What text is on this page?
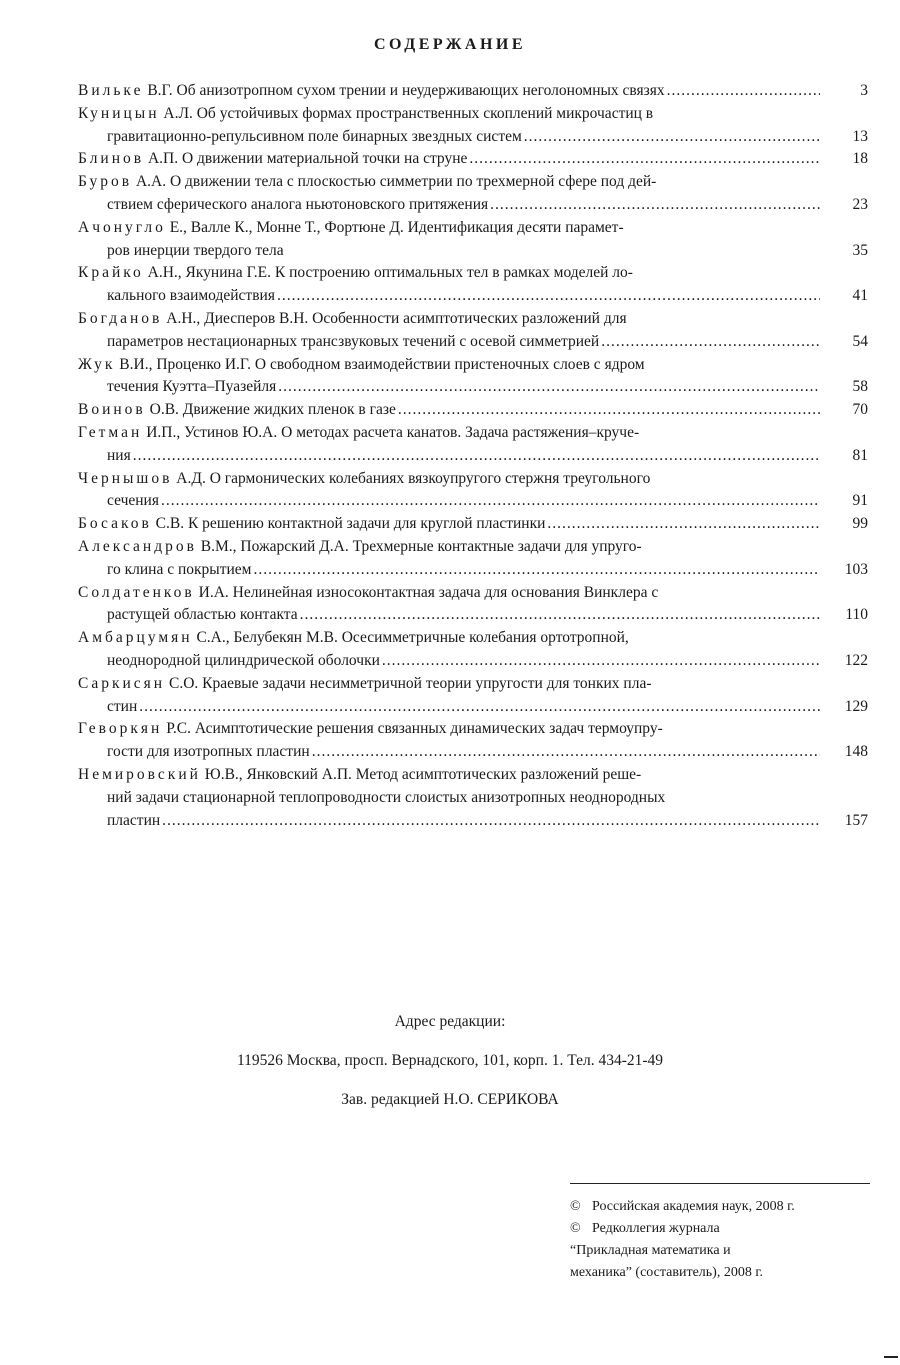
СОДЕРЖАНИЕ
Вильке В.Г. Об анизотропном сухом трении и неудерживающих неголономных связях .....	3
Куницын А.Л. Об устойчивых формах пространственных скоплений микрочастиц в
гравитационно-репульсивном поле бинарных звездных систем .....	13
Блинов А.П. О движении материальной точки на струне .....	18
Буров А.А. О движении тела с плоскостью симметрии по трехмерной сфере под дей-
ствием сферического аналога ньютоновского притяжения .....	23
Ачонугло Е., Валле К., Монне Т., Фортюне Д. Идентификация десяти парамет-
ров инерции твердого тела	35
Крайко А.Н., Якунина Г.Е. К построению оптимальных тел в рамках моделей ло-
кального взаимодействия .....	41
Богданов А.Н., Диесперов В.Н. Особенности асимптотических разложений для
параметров нестационарных трансзвуковых течений с осевой симметрией .....	54
Жук В.И., Проценко И.Г. О свободном взаимодействии пристеночных слоев с ядром
течения Куэтта–Пуазейля .....	58
Воинов О.В. Движение жидких пленок в газе .....	70
Гетман И.П., Устинов Ю.А. О методах расчета канатов. Задача растяжения–круче-
ния .....	81
Чернышов А.Д. О гармонических колебаниях вязкоупругого стержня треугольного
сечения .....	91
Босаков С.В. К решению контактной задачи для круглой пластинки .....	99
Александров В.М., Пожарский Д.А. Трехмерные контактные задачи для упруго-
го клина с покрытием .....	103
Солдатенков И.А. Нелинейная износоконтактная задача для основания Винклера с
растущей областью контакта .....	110
Амбарцумян С.А., Белубекян М.В. Осесимметричные колебания ортотропной,
неоднородной цилиндрической оболочки .....	122
Саркисян С.О. Краевые задачи несимметричной теории упругости для тонких пла-
стин .....	129
Геворкян Р.С. Асимптотические решения связанных динамических задач термоупру-
гости для изотропных пластин .....	148
Немировский Ю.В., Янковский А.П. Метод асимптотических разложений реше-
ний задачи стационарной теплопроводности слоистых анизотропных неоднородных
пластин .....	157
Адрес редакции:
119526 Москва, просп. Вернадского, 101, корп. 1. Тел. 434-21-49
Зав. редакцией Н.О. СЕРИКОВА
© Российская академия наук, 2008 г.
© Редколлегия журнала
“Прикладная математика и
механика” (составитель), 2008 г.
